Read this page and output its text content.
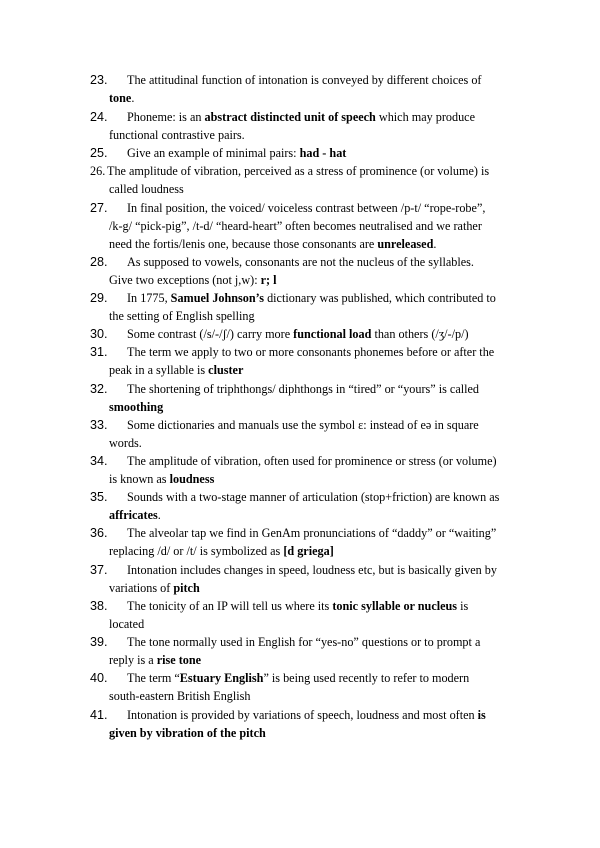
23.	The attitudinal function of intonation is conveyed by different choices of
tone.
24.	Phoneme: is an abstract distincted unit of speech which may produce
functional contrastive pairs.
25.	Give an example of minimal pairs: had - hat
26. The amplitude of vibration, perceived as a stress of prominence (or volume) is
called loudness
27.	In final position, the voiced/ voiceless contrast between /p-t/ “rope-robe”,
/k-g/ “pick-pig”, /t-d/ “heard-heart” often becomes neutralised and we rather
need the fortis/lenis one, because those consonants are unreleased.
28.	As supposed to vowels, consonants are not the nucleus of the syllables.
Give two exceptions (not j,w): r; l
29.	In 1775, Samuel Johnson’s dictionary was published, which contributed to
the setting of English spelling
30.	Some contrast (/s/-/ʃ/) carry more functional load than others (/ʒ/-/p/)
31.	The term we apply to two or more consonants phonemes before or after the
peak in a syllable is cluster
32.	The shortening of triphthongs/ diphthongs in “tired” or “yours” is called
smoothing
33.	Some dictionaries and manuals use the symbol ɛ: instead of eə in square
words.
34.	The amplitude of vibration, often used for prominence or stress (or volume)
is known as loudness
35.	Sounds with a two-stage manner of articulation (stop+friction) are known as
affricates.
36.	The alveolar tap we find in GenAm pronunciations of “daddy” or “waiting”
replacing /d/ or /t/ is symbolized as [d griega]
37.	Intonation includes changes in speed, loudness etc, but is basically given by
variations of pitch
38.	The tonicity of an IP will tell us where its tonic syllable or nucleus is
located
39.	The tone normally used in English for “yes-no” questions or to prompt a
reply is a rise tone
40.	The term “Estuary English” is being used recently to refer to modern
south-eastern British English
41.	Intonation is provided by variations of speech, loudness and most often is
given by vibration of the pitch
